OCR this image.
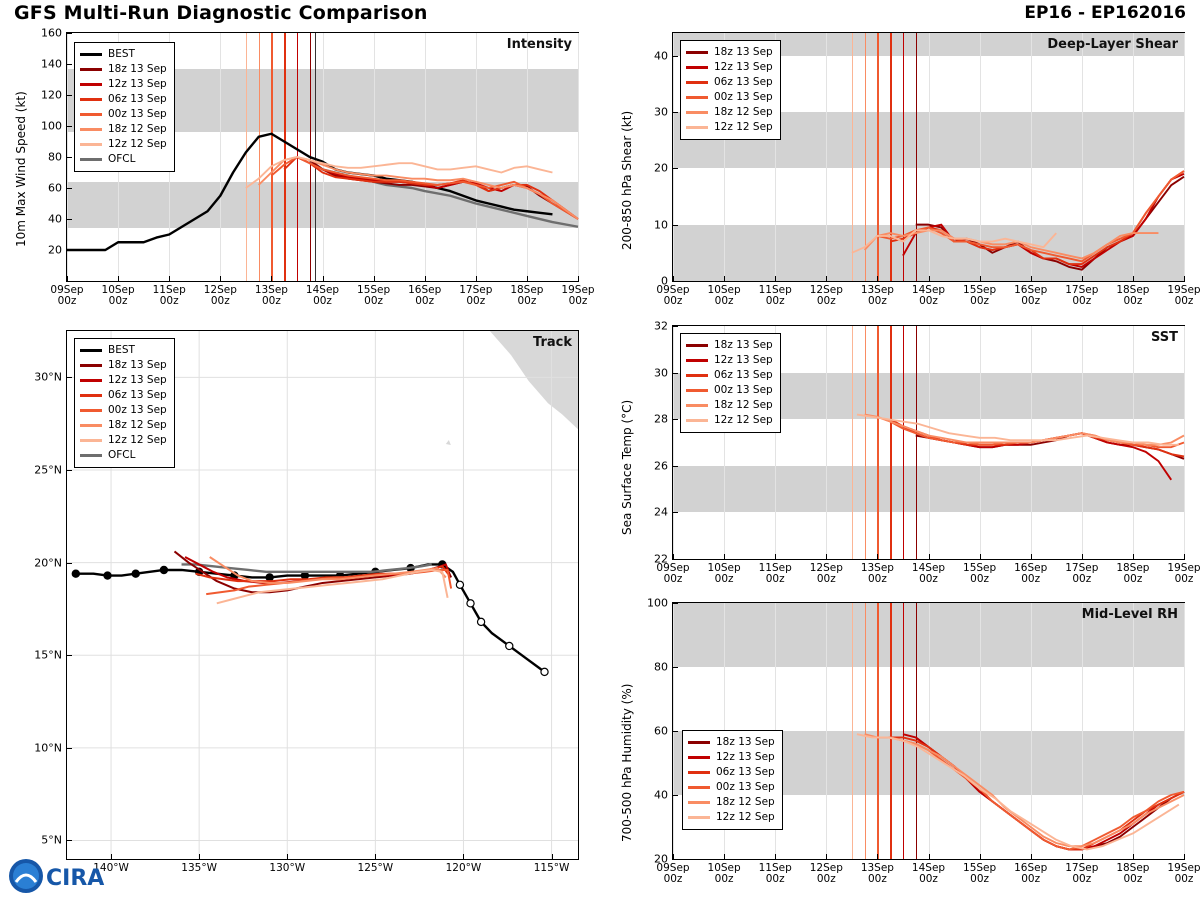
GFS Multi-Run Diagnostic Comparison	EP16 - EP162016
Intensity
20
40
60
80
100
120
140
160
09Sep
00z
10Sep
00z
11Sep
00z
12Sep
00z
13Sep
00z
14Sep
00z
15Sep
00z
16Sep
00z
17Sep
00z
18Sep
00z
19Sep
00z
10m Max Wind Speed (kt)
BEST
18z 13 Sep
12z 13 Sep
06z 13 Sep
00z 13 Sep
18z 12 Sep
12z 12 Sep
OFCL
Deep-Layer Shear
0
10
20
30
40
09Sep
00z
10Sep
00z
11Sep
00z
12Sep
00z
13Sep
00z
14Sep
00z
15Sep
00z
16Sep
00z
17Sep
00z
18Sep
00z
19Sep
00z
200-850 hPa Shear (kt)
18z 13 Sep
12z 13 Sep
06z 13 Sep
00z 13 Sep
18z 12 Sep
12z 12 Sep
Track
5°N
10°N
15°N
20°N
25°N
30°N
140°W	135°W	130°W	125°W	120°W	115°W
BEST
18z 13 Sep
12z 13 Sep
06z 13 Sep
00z 13 Sep
18z 12 Sep
12z 12 Sep
OFCL
SST
22
24
26
28
30
32
09Sep
00z
10Sep
00z
11Sep
00z
12Sep
00z
13Sep
00z
14Sep
00z
15Sep
00z
16Sep
00z
17Sep
00z
18Sep
00z
19Sep
00z
Sea Surface Temp (°C)
18z 13 Sep
12z 13 Sep
06z 13 Sep
00z 13 Sep
18z 12 Sep
12z 12 Sep
Mid-Level RH
20
40
60
80
100
09Sep
00z
10Sep
00z
11Sep
00z
12Sep
00z
13Sep
00z
14Sep
00z
15Sep
00z
16Sep
00z
17Sep
00z
18Sep
00z
19Sep
00z
700-500 hPa Humidity (%)	18z 13 Sep
12z 13 Sep
06z 13 Sep
00z 13 Sep
18z 12 Sep
12z 12 Sep
CIRA
